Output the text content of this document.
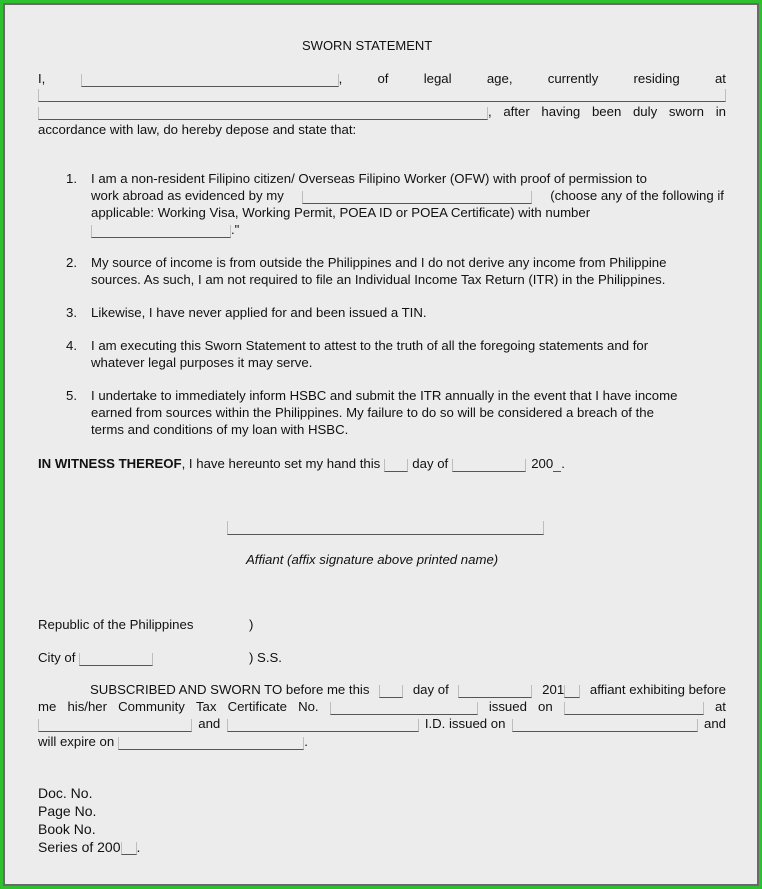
SWORN STATEMENT
I,	,	of	legal	age,	currently	residing	at
, after having been duly sworn in
accordance with law, do hereby depose and state that:
1. I am a non-resident Filipino citizen/ Overseas Filipino Worker (OFW) with proof of permission to
work abroad as evidenced by my	(choose any of the following if
applicable: Working Visa, Working Permit, POEA ID or POEA Certificate) with number
."
2. My source of income is from outside the Philippines and I do not derive any income from Philippine
sources. As such, I am not required to file an Individual Income Tax Return (ITR) in the Philippines.
3. Likewise, I have never applied for and been issued a TIN.
4. I am executing this Sworn Statement to attest to the truth of all the foregoing statements and for
whatever legal purposes it may serve.
5. I undertake to immediately inform HSBC and submit the ITR annually in the event that I have income
earned from sources within the Philippines. My failure to do so will be considered a breach of the
terms and conditions of my loan with HSBC.
IN WITNESS THEREOF , I have hereunto set my hand this day of	200 .
Affiant (affix signature above printed name)
Republic of the Philippines	)
City of	) S.S.
SUBSCRIBED AND SWORN TO before me this	day of	201 affiant exhibiting before
me his/her Community Tax Certificate No.	issued on	at
and	I.D. issued on	and
will expire on	.
Doc. No.
Page No.
Book No.
Series of 200 .
